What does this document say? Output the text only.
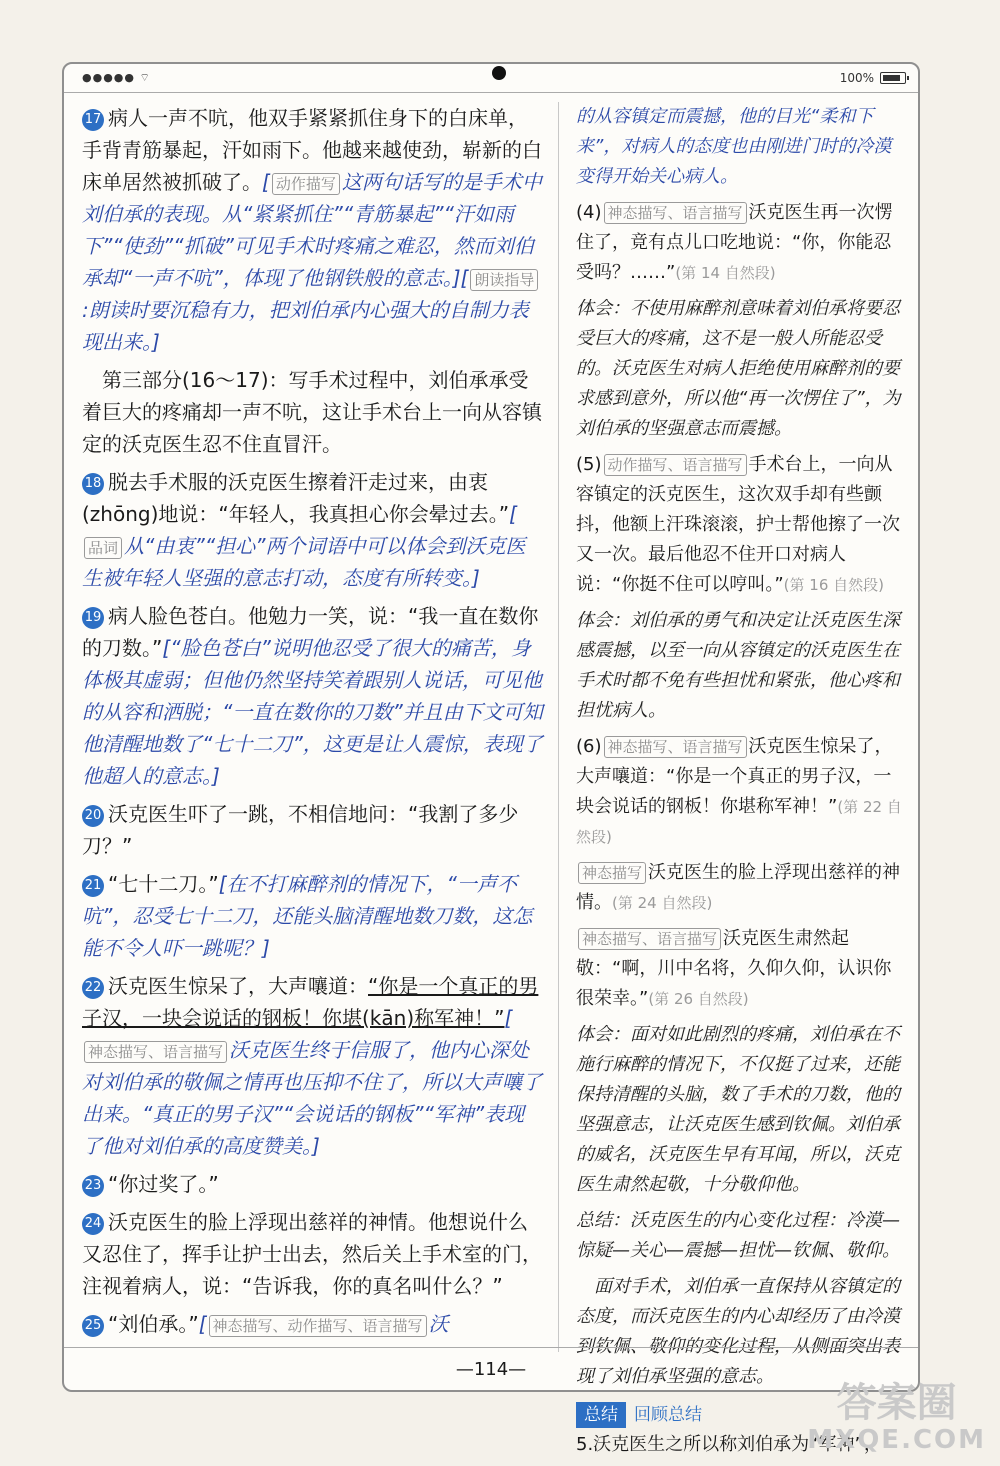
●●●●● ⌔	100%

17 病人一声不吭，他双手紧紧抓住身下的白床单，手背青筋暴起，汗如雨下。他越来越使劲，崭新的白床单居然被抓破了。[ 动作描写 这两句话写的是手术中刘伯承的表现。从“紧紧抓住”“青筋暴起”“汗如雨下”“使劲”“抓破”可见手术时疼痛之难忍，然而刘伯承却“一声不吭”，体现了他钢铁般的意志。][ 朗读指导:朗读时要沉稳有力，把刘伯承内心强大的自制力表现出来。]

　第三部分(16～17)：写手术过程中，刘伯承承受着巨大的疼痛却一声不吭，这让手术台上一向从容镇定的沃克医生忍不住直冒汗。

18 脱去手术服的沃克医生擦着汗走过来，由衷(zhōng)地说：“年轻人，我真担心你会晕过去。”[品词 从“由衷”“担心”两个词语中可以体会到沃克医生被年轻人坚强的意志打动，态度有所转变。]

19 病人脸色苍白。他勉力一笑，说：“我一直在数你的刀数。”[“脸色苍白”说明他忍受了很大的痛苦，身体极其虚弱；但他仍然坚持笑着跟别人说话，可见他的从容和洒脱；“一直在数你的刀数”并且由下文可知他清醒地数了“七十二刀”，这更是让人震惊，表现了他超人的意志。]

20 沃克医生吓了一跳，不相信地问：“我割了多少刀？”

21 “七十二刀。”[在不打麻醉剂的情况下，“一声不吭”，忍受七十二刀，还能头脑清醒地数刀数，这怎能不令人吓一跳呢？]

22 沃克医生惊呆了，大声嚷道：“你是一个真正的男子汉，一块会说话的钢板！你堪(kān)称军神！”[神态描写、语言描写 沃克医生终于信服了，他内心深处对刘伯承的敬佩之情再也压抑不住了，所以大声嚷了出来。“真正的男子汉”“会说话的钢板”“军神”表现了他对刘伯承的高度赞美。]

23 “你过奖了。”

24 沃克医生的脸上浮现出慈祥的神情。他想说什么又忍住了，挥手让护士出去，然后关上手术室的门，注视着病人，说：“告诉我，你的真名叫什么？”

25 “刘伯承。”[ 神态描写、动作描写、语言描写 沃

的从容镇定而震撼，他的目光“柔和下来”，对病人的态度也由刚进门时的冷漠变得开始关心病人。

(4) 神态描写、语言描写 沃克医生再一次愣住了，竟有点儿口吃地说：“你，你能忍受吗？……”(第 14 自然段)

体会：不使用麻醉剂意味着刘伯承将要忍受巨大的疼痛，这不是一般人所能忍受的。沃克医生对病人拒绝使用麻醉剂的要求感到意外，所以他“再一次愣住了”，为刘伯承的坚强意志而震撼。

(5) 动作描写、语言描写 手术台上，一向从容镇定的沃克医生，这次双手却有些颤抖，他额上汗珠滚滚，护士帮他擦了一次又一次。最后他忍不住开口对病人说：“你挺不住可以哼叫。”(第 16 自然段)

体会：刘伯承的勇气和决定让沃克医生深感震撼，以至一向从容镇定的沃克医生在手术时都不免有些担忧和紧张，他心疼和担忧病人。

(6) 神态描写、语言描写 沃克医生惊呆了，大声嚷道：“你是一个真正的男子汉，一块会说话的钢板！你堪称军神！”(第 22 自然段)

神态描写 沃克医生的脸上浮现出慈祥的神情。(第 24 自然段)

神态描写、语言描写 沃克医生肃然起敬：“啊，川中名将，久仰久仰，认识你很荣幸。”(第 26 自然段)

体会：面对如此剧烈的疼痛，刘伯承在不施行麻醉的情况下，不仅挺了过来，还能保持清醒的头脑，数了手术的刀数，他的坚强意志，让沃克医生感到钦佩。刘伯承的威名，沃克医生早有耳闻，所以，沃克医生肃然起敬，十分敬仰他。

总结：沃克医生的内心变化过程：冷漠—惊疑—关心—震撼—担忧—钦佩、敬仰。

　面对手术，刘伯承一直保持从容镇定的态度，而沃克医生的内心却经历了由冷漠到钦佩、敬仰的变化过程，从侧面突出表现了刘伯承坚强的意志。

总结 回顾总结

5.沃克医生之所以称刘伯承为“军神”，

—114—
答案圈
MXQE.COM
